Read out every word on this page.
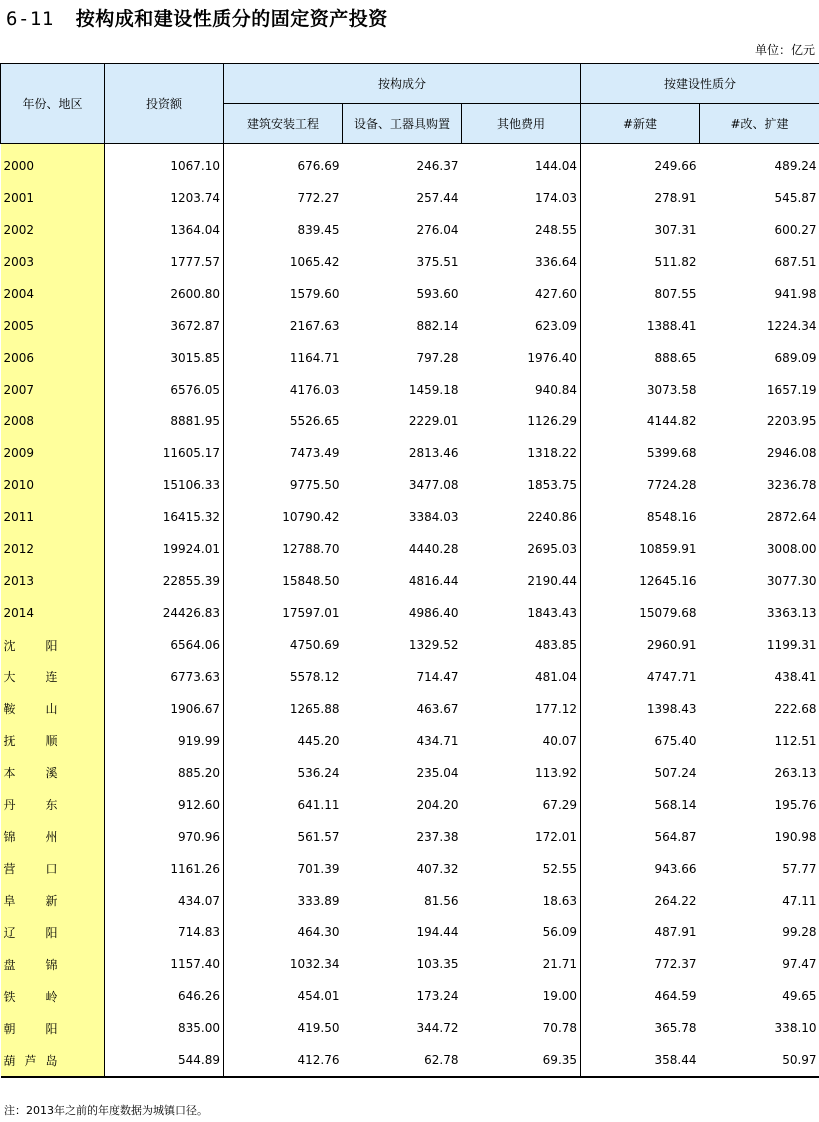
6-11 按构成和建设性质分的固定资产投资
单位：亿元
年份、地区	投资额	按构成分			按建设性质分	
		建筑安装工程	设备、工器具购置	其他费用	#新建	#改、扩建
2000	1067.10	676.69	246.37	144.04	249.66	489.24
2001	1203.74	772.27	257.44	174.03	278.91	545.87
2002	1364.04	839.45	276.04	248.55	307.31	600.27
2003	1777.57	1065.42	375.51	336.64	511.82	687.51
2004	2600.80	1579.60	593.60	427.60	807.55	941.98
2005	3672.87	2167.63	882.14	623.09	1388.41	1224.34
2006	3015.85	1164.71	797.28	1976.40	888.65	689.09
2007	6576.05	4176.03	1459.18	940.84	3073.58	1657.19
2008	8881.95	5526.65	2229.01	1126.29	4144.82	2203.95
2009	11605.17	7473.49	2813.46	1318.22	5399.68	2946.08
2010	15106.33	9775.50	3477.08	1853.75	7724.28	3236.78
2011	16415.32	10790.42	3384.03	2240.86	8548.16	2872.64
2012	19924.01	12788.70	4440.28	2695.03	10859.91	3008.00
2013	22855.39	15848.50	4816.44	2190.44	12645.16	3077.30
2014	24426.83	17597.01	4986.40	1843.43	15079.68	3363.13

沈 阳	6564.06	4750.69	1329.52	483.85	2960.91	1199.31

大 连	6773.63	5578.12	714.47	481.04	4747.71	438.41

鞍 山	1906.67	1265.88	463.67	177.12	1398.43	222.68

抚 顺	919.99	445.20	434.71	40.07	675.40	112.51

本 溪	885.20	536.24	235.04	113.92	507.24	263.13

丹 东	912.60	641.11	204.20	67.29	568.14	195.76

锦 州	970.96	561.57	237.38	172.01	564.87	190.98

营 口	1161.26	701.39	407.32	52.55	943.66	57.77

阜 新	434.07	333.89	81.56	18.63	264.22	47.11

辽 阳	714.83	464.30	194.44	56.09	487.91	99.28

盘 锦	1157.40	1032.34	103.35	21.71	772.37	97.47

铁 岭	646.26	454.01	173.24	19.00	464.59	49.65

朝 阳	835.00	419.50	344.72	70.78	365.78	338.10

葫 芦 岛	544.89	412.76	62.78	69.35	358.44	50.97
注：2013年之前的年度数据为城镇口径。
